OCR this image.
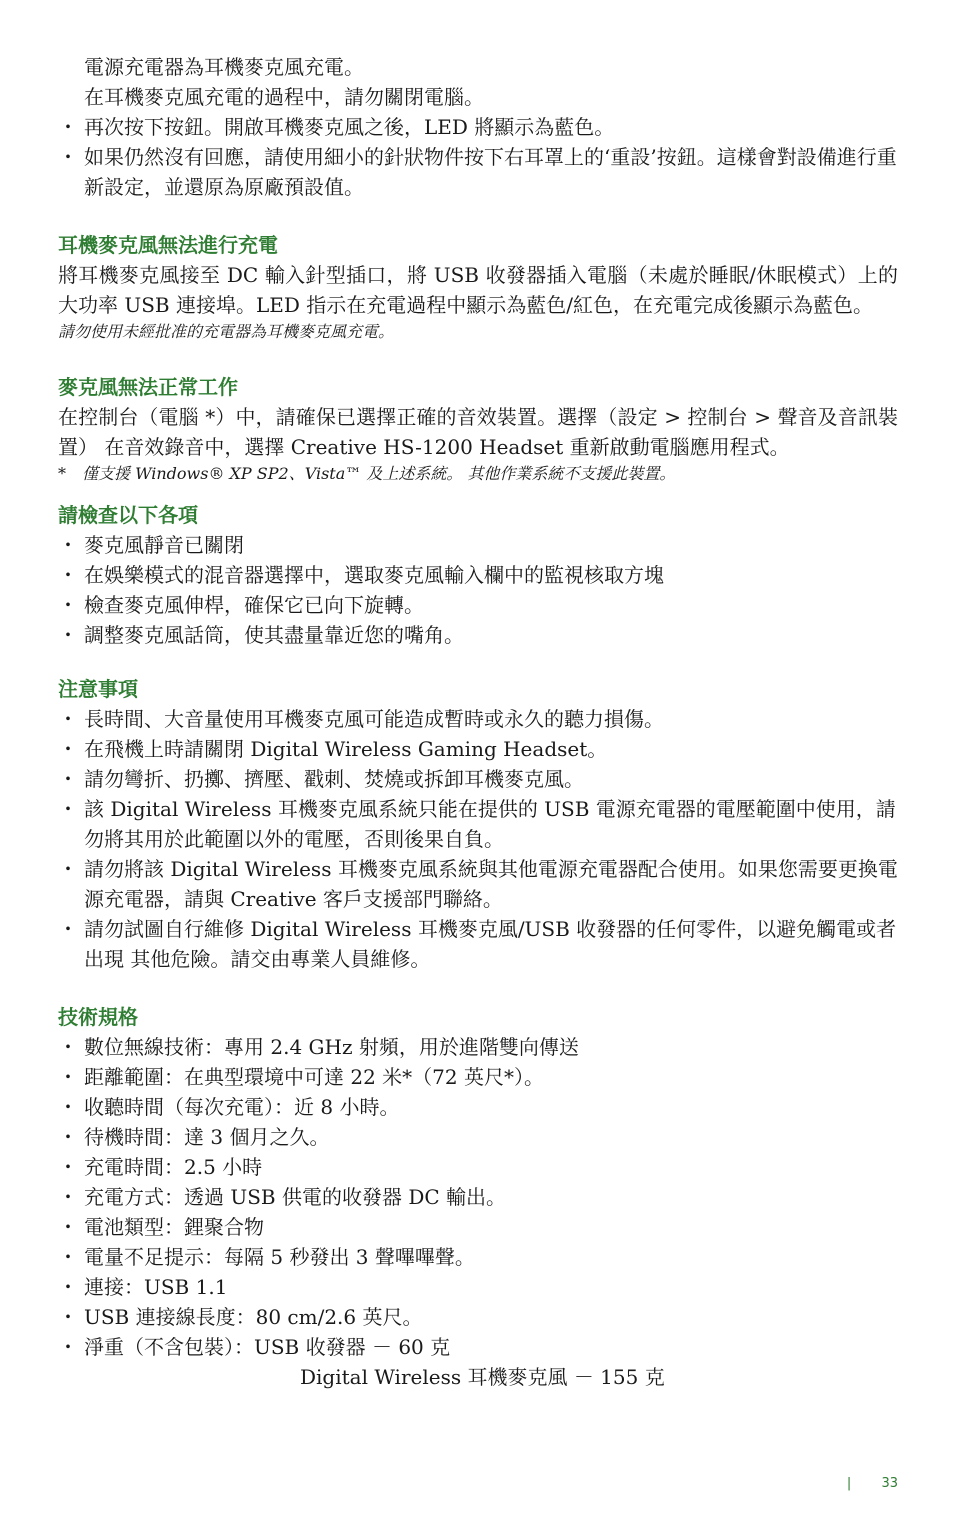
電源充電器為耳機麥克風充電。

在耳機麥克風充電的過程中，請勿關閉電腦。

・ 再次按下按鈕。開啟耳機麥克風之後，LED 將顯示為藍色。
・ 如果仍然沒有回應，請使用細小的針狀物件按下右耳罩上的‘重設’按鈕。這樣會對設備進行重新設定，並還原為原廠預設值。
耳機麥克風無法進行充電

將耳機麥克風接至 DC 輸入針型插口，將 USB 收發器插入電腦（未處於睡眠/休眠模式）上的大功率 USB 連接埠。LED 指示在充電過程中顯示為藍色/紅色，在充電完成後顯示為藍色。

請勿使用未經批准的充電器為耳機麥克風充電。

麥克風無法正常工作

在控制台（電腦 *）中，請確保已選擇正確的音效裝置。選擇（設定 > 控制台 > 聲音及音訊裝置） 在音效錄音中，選擇 Creative HS-1200 Headset 重新啟動電腦應用程式。

*　僅支援 Windows® XP SP2、Vista™ 及上述系統。 其他作業系統不支援此裝置。

請檢查以下各項
・ 麥克風靜音已關閉
・ 在娛樂模式的混音器選擇中，選取麥克風輸入欄中的監視核取方塊
・ 檢查麥克風伸桿，確保它已向下旋轉。
・ 調整麥克風話筒，使其盡量靠近您的嘴角。
注意事項
・ 長時間、大音量使用耳機麥克風可能造成暫時或永久的聽力損傷。
・ 在飛機上時請關閉 Digital Wireless Gaming Headset。
・ 請勿彎折、扔擲、擠壓、戳刺、焚燒或拆卸耳機麥克風。
・ 該 Digital Wireless 耳機麥克風系統只能在提供的 USB 電源充電器的電壓範圍中使用，請勿將其用於此範圍以外的電壓，否則後果自負。
・ 請勿將該 Digital Wireless 耳機麥克風系統與其他電源充電器配合使用。如果您需要更換電源充電器，請與 Creative 客戶支援部門聯絡。
・ 請勿試圖自行維修 Digital Wireless 耳機麥克風/USB 收發器的任何零件，以避免觸電或者出現 其他危險。請交由專業人員維修。
技術規格
・ 數位無線技術：專用 2.4 GHz 射頻，用於進階雙向傳送
・ 距離範圍：在典型環境中可達 22 米*（72 英尺*）。
・ 收聽時間（每次充電）：近 8 小時。
・ 待機時間：達 3 個月之久。
・ 充電時間：2.5 小時
・ 充電方式：透過 USB 供電的收發器 DC 輸出。
・ 電池類型：鋰聚合物
・ 電量不足提示：每隔 5 秒發出 3 聲嗶嗶聲。
・ 連接：USB 1.1
・ USB 連接線長度：80 cm/2.6 英尺。
・ 淨重（不含包裝）：USB 收發器 － 60 克

Digital Wireless 耳機麥克風 － 155 克

| 33
